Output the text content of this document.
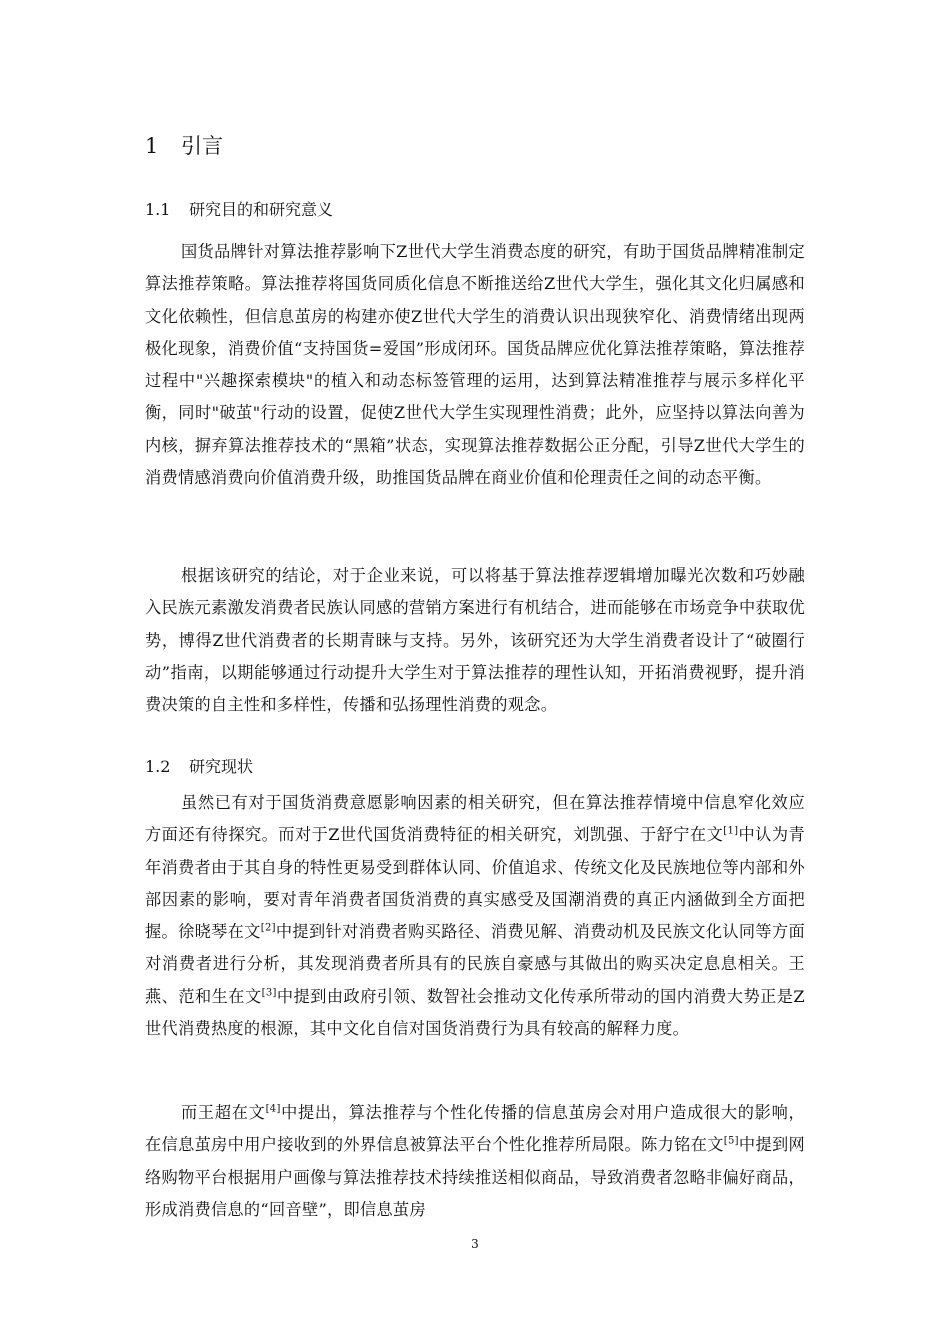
1 引言
1.1 研究目的和研究意义

国货品牌针对算法推荐影响下Z世代大学生消费态度的研究，有助于国货品牌精准制定算法推荐策略。算法推荐将国货同质化信息不断推送给Z世代大学生，强化其文化归属感和文化依赖性，但信息茧房的构建亦使Z世代大学生的消费认识出现狭窄化、消费情绪出现两极化现象，消费价值“支持国货=爱国”形成闭环。国货品牌应优化算法推荐策略，算法推荐过程中"兴趣探索模块"的植入和动态标签管理的运用，达到算法精准推荐与展示多样化平衡，同时"破茧"行动的设置，促使Z世代大学生实现理性消费；此外，应坚持以算法向善为内核，摒弃算法推荐技术的“黑箱”状态，实现算法推荐数据公正分配，引导Z世代大学生的消费情感消费向价值消费升级，助推国货品牌在商业价值和伦理责任之间的动态平衡。

根据该研究的结论，对于企业来说，可以将基于算法推荐逻辑增加曝光次数和巧妙融入民族元素激发消费者民族认同感的营销方案进行有机结合，进而能够在市场竞争中获取优势，博得Z世代消费者的长期青睐与支持。另外，该研究还为大学生消费者设计了“破圈行动”指南，以期能够通过行动提升大学生对于算法推荐的理性认知，开拓消费视野，提升消费决策的自主性和多样性，传播和弘扬理性消费的观念。

1.2 研究现状

虽然已有对于国货消费意愿影响因素的相关研究，但在算法推荐情境中信息窄化效应方面还有待探究。而对于Z世代国货消费特征的相关研究，刘凯强、于舒宁在文[1]中认为青年消费者由于其自身的特性更易受到群体认同、价值追求、传统文化及民族地位等内部和外部因素的影响，要对青年消费者国货消费的真实感受及国潮消费的真正内涵做到全方面把握。徐晓琴在文[2]中提到针对消费者购买路径、消费见解、消费动机及民族文化认同等方面对消费者进行分析，其发现消费者所具有的民族自豪感与其做出的购买决定息息相关。王燕、范和生在文[3]中提到由政府引领、数智社会推动文化传承所带动的国内消费大势正是Z世代消费热度的根源，其中文化自信对国货消费行为具有较高的解释力度。

而王超在文[4]中提出，算法推荐与个性化传播的信息茧房会对用户造成很大的影响，在信息茧房中用户接收到的外界信息被算法平台个性化推荐所局限。陈力铭在文[5]中提到网络购物平台根据用户画像与算法推荐技术持续推送相似商品，导致消费者忽略非偏好商品，形成消费信息的“回音壁”，即信息茧房

3
